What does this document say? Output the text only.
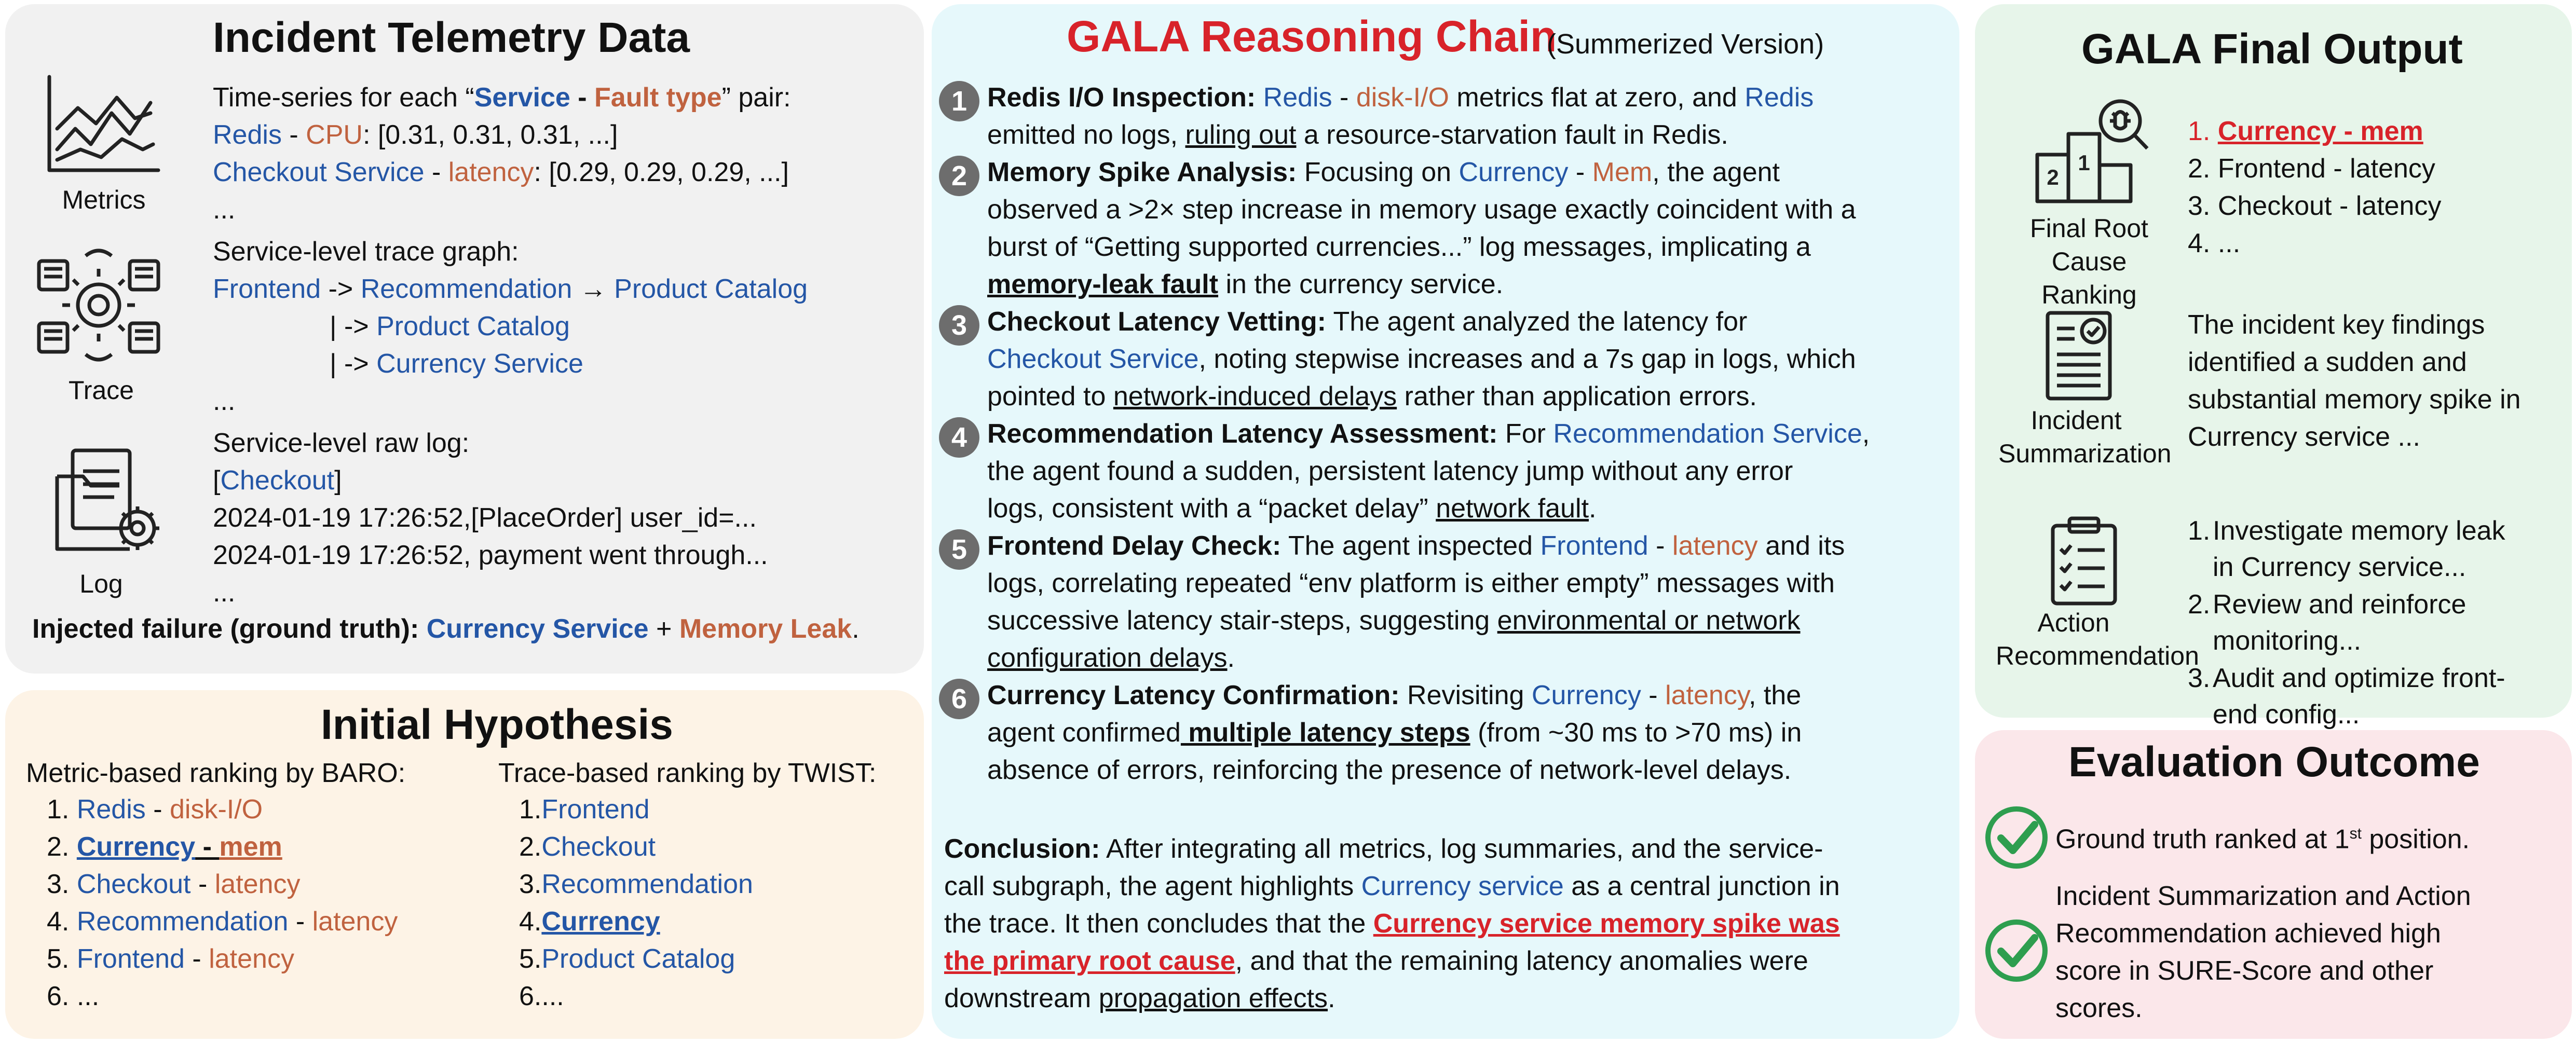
Incident Telemetry Data
Metrics
Trace
Log
Time-series for each “Service - Fault type” pair:
Redis - CPU: [0.31, 0.31, 0.31, ...]
Checkout Service - latency: [0.29, 0.29, 0.29, ...]
...
Service-level trace graph:
Frontend -> Recommendation → Product Catalog
| -> Product Catalog
| -> Currency Service
...
Service-level raw log:
[Checkout]
2024-01-19 17:26:52,[PlaceOrder] user_id=...
2024-01-19 17:26:52, payment went through...
...
Injected failure (ground truth): Currency Service + Memory Leak.
Initial Hypothesis
Metric-based ranking by BARO:
1. Redis - disk-I/O
2. Currency - mem
3. Checkout - latency
4. Recommendation - latency
5. Frontend - latency
6. ...
Trace-based ranking by TWIST:
1.Frontend
2.Checkout
3.Recommendation
4.Currency
5.Product Catalog
6....
GALA Reasoning Chain
(Summerized Version)
1 Redis I/O Inspection: Redis - disk-I/O metrics flat at zero, and Redis
emitted no logs, ruling out a resource-starvation fault in Redis.
2 Memory Spike Analysis: Focusing on Currency - Mem, the agent
observed a >2× step increase in memory usage exactly coincident with a
burst of “Getting supported currencies...” log messages, implicating a
memory-leak fault in the currency service.
3 Checkout Latency Vetting: The agent analyzed the latency for
Checkout Service, noting stepwise increases and a 7s gap in logs, which
pointed to network-induced delays rather than application errors.
4 Recommendation Latency Assessment: For Recommendation Service,
the agent found a sudden, persistent latency jump without any error
logs, consistent with a “packet delay” network fault.
5 Frontend Delay Check: The agent inspected Frontend - latency and its
logs, correlating repeated “env platform is either empty” messages with
successive latency stair-steps, suggesting environmental or network
configuration delays.
6 Currency Latency Confirmation: Revisiting Currency - latency, the
agent confirmed multiple latency steps (from ~30 ms to >70 ms) in
absence of errors, reinforcing the presence of network-level delays.
Conclusion: After integrating all metrics, log summaries, and the service-
call subgraph, the agent highlights Currency service as a central junction in
the trace. It then concludes that the Currency service memory spike was
the primary root cause, and that the remaining latency anomalies were
downstream propagation effects.
GALA Final Output
2
1
Final Root Cause Ranking
1. Currency - mem
2. Frontend - latency
3. Checkout - latency
4. ...
Incident Summarization
The incident key findings
identified a sudden and
substantial memory spike in
Currency service ...
Action Recommendation
1. Investigate memory leak
in Currency service...
2. Review and reinforce
monitoring...
3. Audit and optimize front-
end config...
Evaluation Outcome
Ground truth ranked at 1st position.
Incident Summarization and Action
Recommendation achieved high
score in SURE-Score and other
scores.
